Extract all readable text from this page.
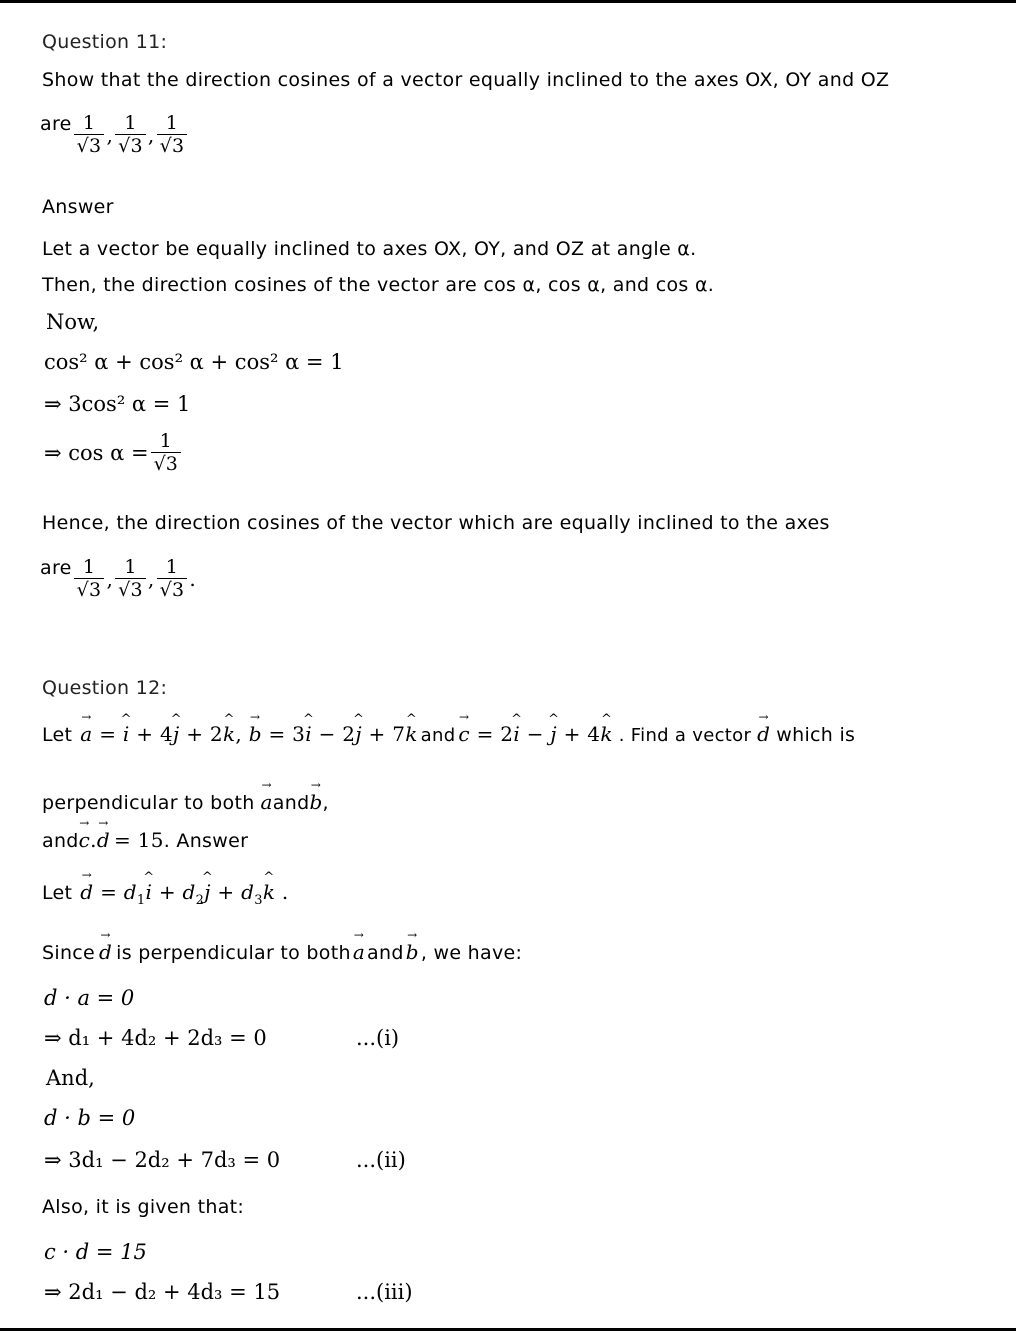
Question 11:
Show that the direction cosines of a vector equally inclined to the axes OX, OY and OZ
are $\frac{1}{√3}$ , $\frac{1}{√3}$ , $\frac{1}{√3}$
Answer
Let a vector be equally inclined to axes OX, OY, and OZ at angle α.
Then, the direction cosines of the vector are cos α, cos α, and cos α.
Now,
cos² α + cos² α + cos² α = 1
⇒ 3cos² α = 1
⇒ $\cos \alpha = \frac{1}{√3}$
Hence, the direction cosines of the vector which are equally inclined to the axes
are $\frac{1}{√3}$ , $\frac{1}{√3}$ , $\frac{1}{√3}$ .
Question 12:
Let → a = ^ i + 4^ j + 2^ k, → b = 3^ i − 2^ j + 7^ k and → c = 2^ i − ^ j + 4^ k . Find a vector → d which is
perpendicular to both → a and → b ,
and → c.→ d = 15 . Answer
Let → $d = d_1\^{}$ $i + d_2\^{}$ $j + d_3\^{}$ k .
Since → d is perpendicular to both → a and → b , we have:
d · a = 0
⇒ d₁ + 4d₂ + 2d₃ = 0	...(i)
And,
d · b = 0
⇒ 3d₁ − 2d₂ + 7d₃ = 0	...(ii)
Also, it is given that:
c · d = 15
⇒ 2d₁ − d₂ + 4d₃ = 15	...(iii)
